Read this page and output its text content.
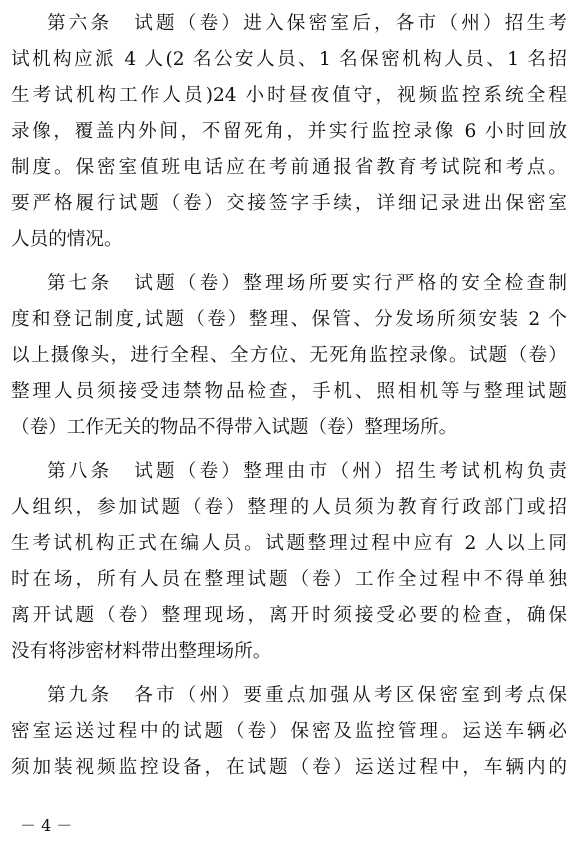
第六条　试题（卷）进入保密室后，各市（州）招生考
试机构应派 4 人(2 名公安人员、1 名保密机构人员、1 名招
生考试机构工作人员)24 小时昼夜值守，视频监控系统全程
录像，覆盖内外间，不留死角，并实行监控录像 6 小时回放
制度。保密室值班电话应在考前通报省教育考试院和考点。
要严格履行试题（卷）交接签字手续，详细记录进出保密室
人员的情况。
第七条　试题（卷）整理场所要实行严格的安全检查制
度和登记制度,试题（卷）整理、保管、分发场所须安装 2 个
以上摄像头，进行全程、全方位、无死角监控录像。试题（卷）
整理人员须接受违禁物品检查，手机、照相机等与整理试题
（卷）工作无关的物品不得带入试题（卷）整理场所。
第八条　试题（卷）整理由市（州）招生考试机构负责
人组织，参加试题（卷）整理的人员须为教育行政部门或招
生考试机构正式在编人员。试题整理过程中应有 2 人以上同
时在场，所有人员在整理试题（卷）工作全过程中不得单独
离开试题（卷）整理现场，离开时须接受必要的检查，确保
没有将涉密材料带出整理场所。
第九条　各市（州）要重点加强从考区保密室到考点保
密室运送过程中的试题（卷）保密及监控管理。运送车辆必
须加装视频监控设备，在试题（卷）运送过程中，车辆内的
－ 4 －
